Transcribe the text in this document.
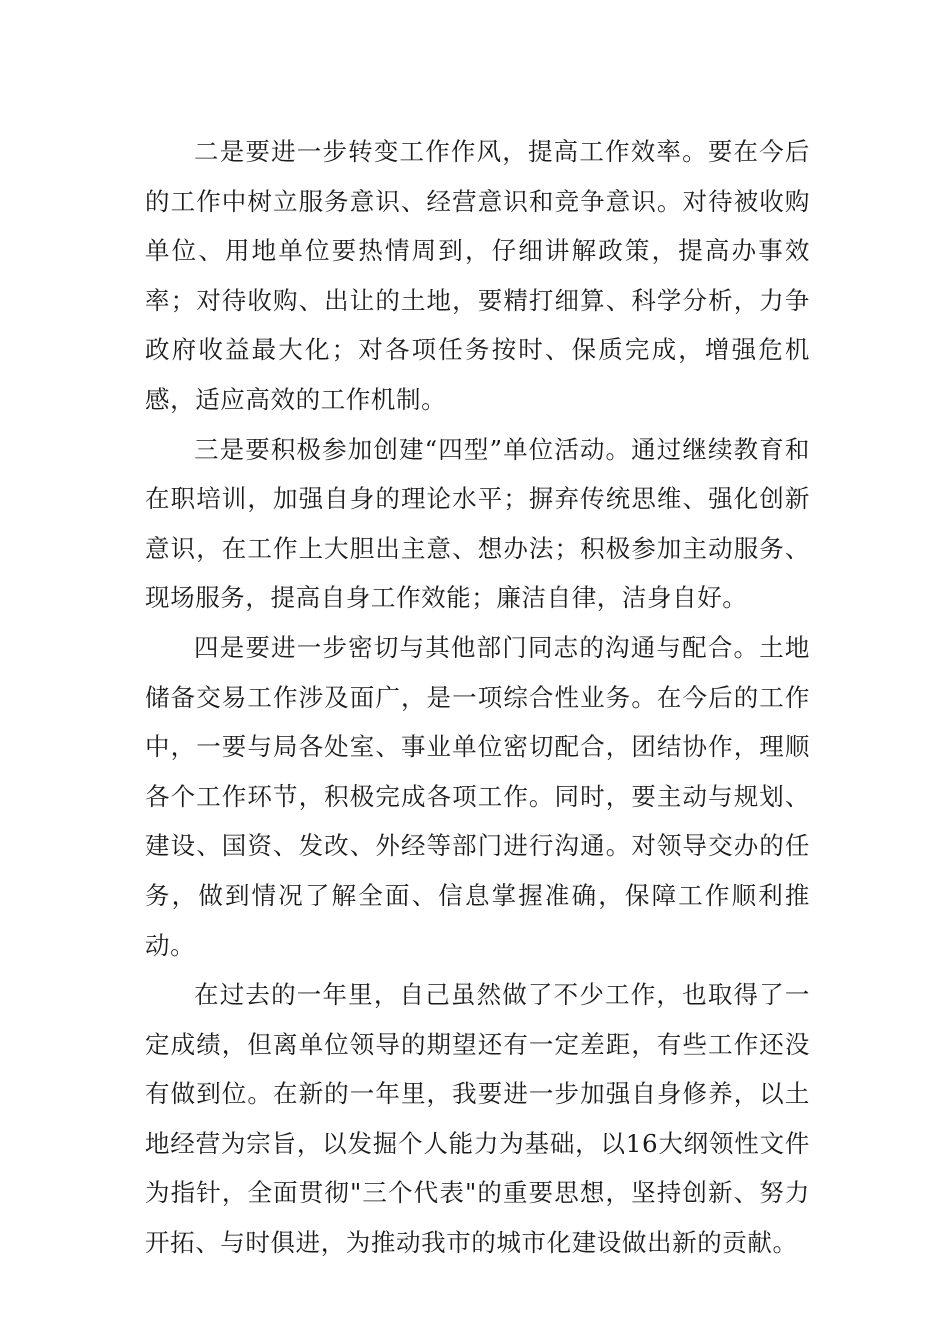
二是要进一步转变工作作风，提高工作效率。要在今后的工作中树立服务意识、经营意识和竞争意识。对待被收购单位、用地单位要热情周到，仔细讲解政策，提高办事效率；对待收购、出让的土地，要精打细算、科学分析，力争政府收益最大化；对各项任务按时、保质完成，增强危机感，适应高效的工作机制。

三是要积极参加创建“四型”单位活动。通过继续教育和在职培训，加强自身的理论水平；摒弃传统思维、强化创新意识，在工作上大胆出主意、想办法；积极参加主动服务、现场服务，提高自身工作效能；廉洁自律，洁身自好。

四是要进一步密切与其他部门同志的沟通与配合。土地储备交易工作涉及面广，是一项综合性业务。在今后的工作中，一要与局各处室、事业单位密切配合，团结协作，理顺各个工作环节，积极完成各项工作。同时，要主动与规划、建设、国资、发改、外经等部门进行沟通。对领导交办的任务，做到情况了解全面、信息掌握准确，保障工作顺利推动。

在过去的一年里，自己虽然做了不少工作，也取得了一定成绩，但离单位领导的期望还有一定差距，有些工作还没有做到位。在新的一年里，我要进一步加强自身修养，以土地经营为宗旨，以发掘个人能力为基础，以16大纲领性文件为指针，全面贯彻"三个代表"的重要思想，坚持创新、努力开拓、与时俱进，为推动我市的城市化建设做出新的贡献。
